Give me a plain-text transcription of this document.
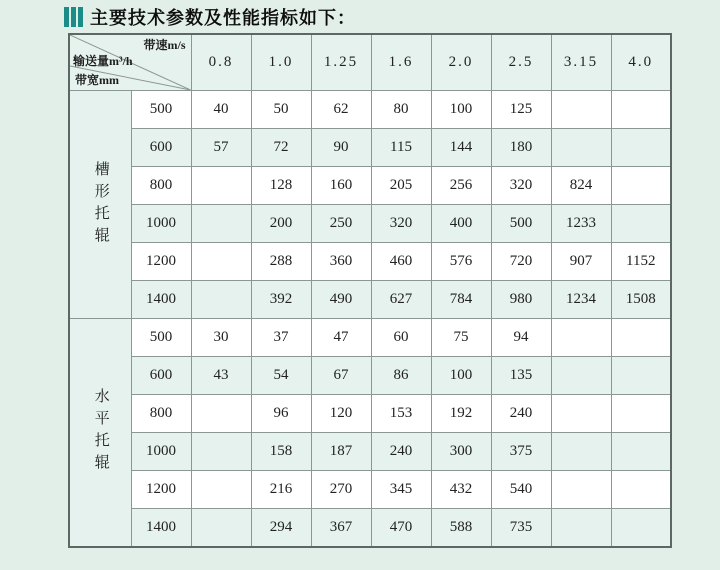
主要技术参数及性能指标如下：
带速m/s
输送量m³/h
带宽mm		0.8	1.0	1.25	1.6	2.0	2.5	3.15	4.0

槽形托辊	500	40	50	62	80	100	125		
	600	57	72	90	115	144	180		
	800		128	160	205	256	320	824	
	1000		200	250	320	400	500	1233	
	1200		288	360	460	576	720	907	1152
	1400		392	490	627	784	980	1234	1508

水平托辊	500	30	37	47	60	75	94		
	600	43	54	67	86	100	135		
	800		96	120	153	192	240		
	1000		158	187	240	300	375		
	1200		216	270	345	432	540		
	1400		294	367	470	588	735		
